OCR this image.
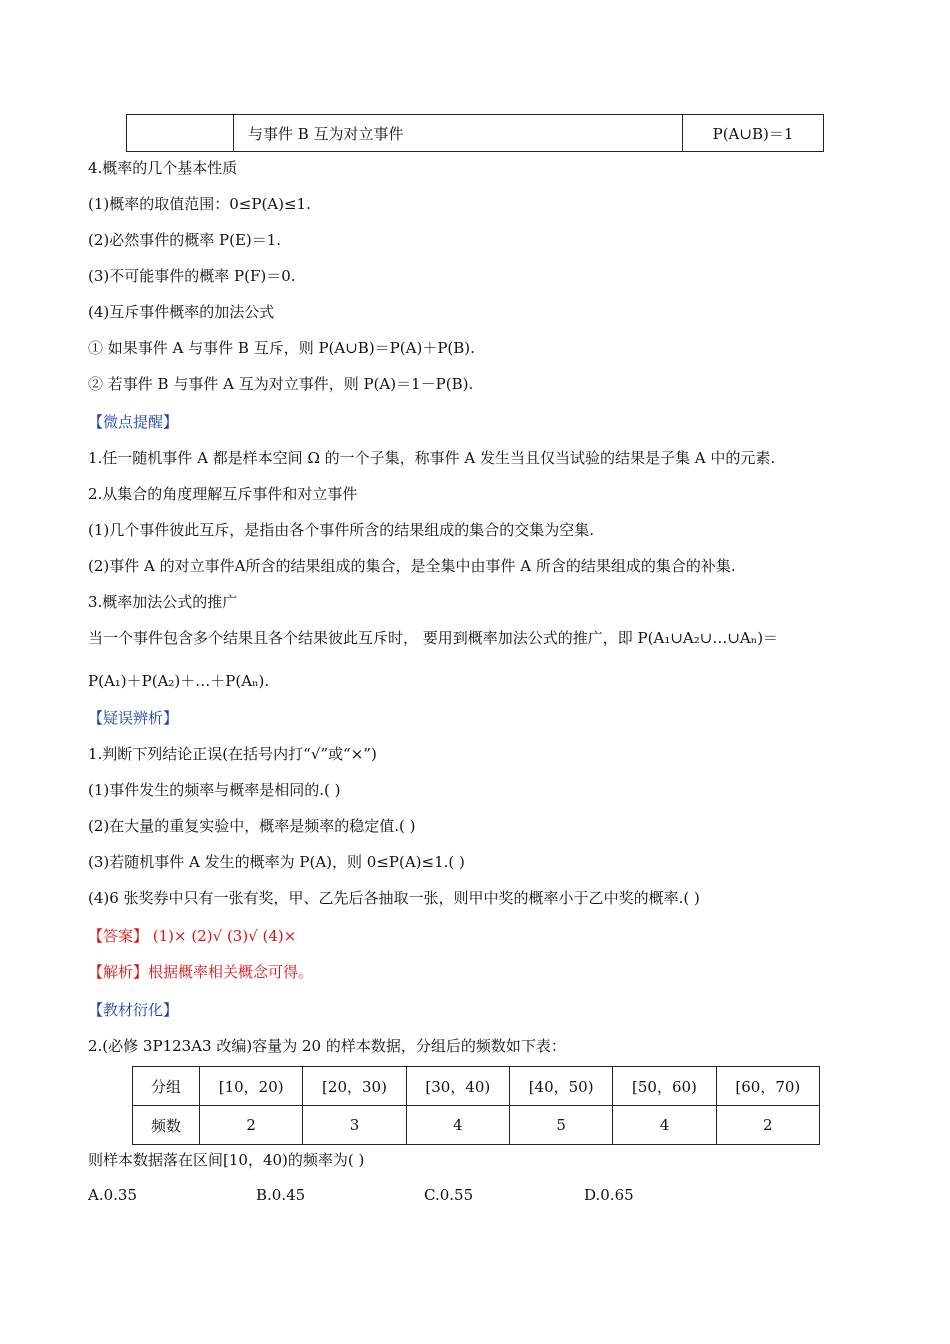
	与事件 B 互为对立事件	P(A∪B)＝1
4.概率的几个基本性质
(1)概率的取值范围：0≤P(A)≤1.
(2)必然事件的概率 P(E)＝1.
(3)不可能事件的概率 P(F)＝0.
(4)互斥事件概率的加法公式
① 如果事件 A 与事件 B 互斥，则 P(A∪B)＝P(A)＋P(B).
② 若事件 B 与事件 A 互为对立事件，则 P(A)＝1－P(B).
【微点提醒】
1.任一随机事件 A 都是样本空间 Ω 的一个子集，称事件 A 发生当且仅当试验的结果是子集 A 中的元素.
2.从集合的角度理解互斥事件和对立事件
(1)几个事件彼此互斥，是指由各个事件所含的结果组成的集合的交集为空集.
(2)事件 A 的对立事件A所含的结果组成的集合，是全集中由事件 A 所含的结果组成的集合的补集.
3.概率加法公式的推广
当一个事件包含多个结果且各个结果彼此互斥时， 要用到概率加法公式的推广，即 P(A₁∪A₂∪…∪Aₙ)＝
P(A₁)＋P(A₂)＋…＋P(Aₙ).
【疑误辨析】
1.判断下列结论正误(在括号内打“√”或“×”)
(1)事件发生的频率与概率是相同的.( )
(2)在大量的重复实验中，概率是频率的稳定值.( )
(3)若随机事件 A 发生的概率为 P(A)，则 0≤P(A)≤1.( )
(4)6 张奖券中只有一张有奖，甲、乙先后各抽取一张，则甲中奖的概率小于乙中奖的概率.( )
【答案】 (1)× (2)√ (3)√ (4)×
【解析】根据概率相关概念可得。
【教材衍化】
2.(必修 3P123A3 改编)容量为 20 的样本数据，分组后的频数如下表：
分组	[10，20)	[20，30)	[30，40)	[40，50)	[50，60)	[60，70)
频数	2	3	4	5	4	2
则样本数据落在区间[10，40)的频率为( )
A.0.35	B.0.45	C.0.55	D.0.65
